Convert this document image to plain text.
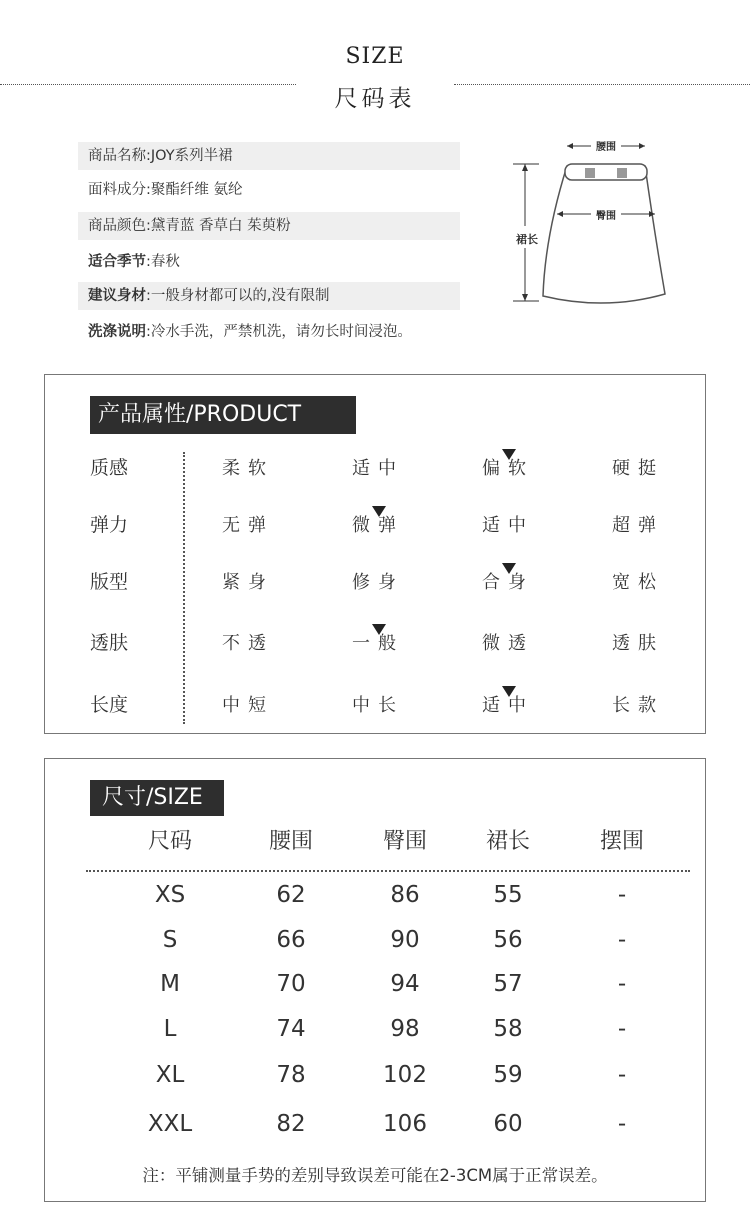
SIZE
尺码表
商品名称:JOY系列半裙
面料成分:聚酯纤维 氨纶
商品颜色:黛青蓝 香草白 茱萸粉
适合季节:春秋
建议身材:一般身材都可以的,没有限制
洗涤说明:冷水手洗，严禁机洗，请勿长时间浸泡。
腰围
臀围
裙长
产品属性/PRODUCT
质感	柔软	适中	偏软	硬挺
弹力	无弹	微弹	适中	超弹
版型	紧身	修身	合身	宽松
透肤	不透	一般	微透	透肤
长度	中短	中长	适中	长款
尺寸/SIZE
尺码	腰围	臀围	裙长	摆围
XS	62	86	55	-
S	66	90	56	-
M	70	94	57	-
L	74	98	58	-
XL	78	102	59	-
XXL	82	106	60	-
注：平铺测量手势的差别导致误差可能在2-3CM属于正常误差。
